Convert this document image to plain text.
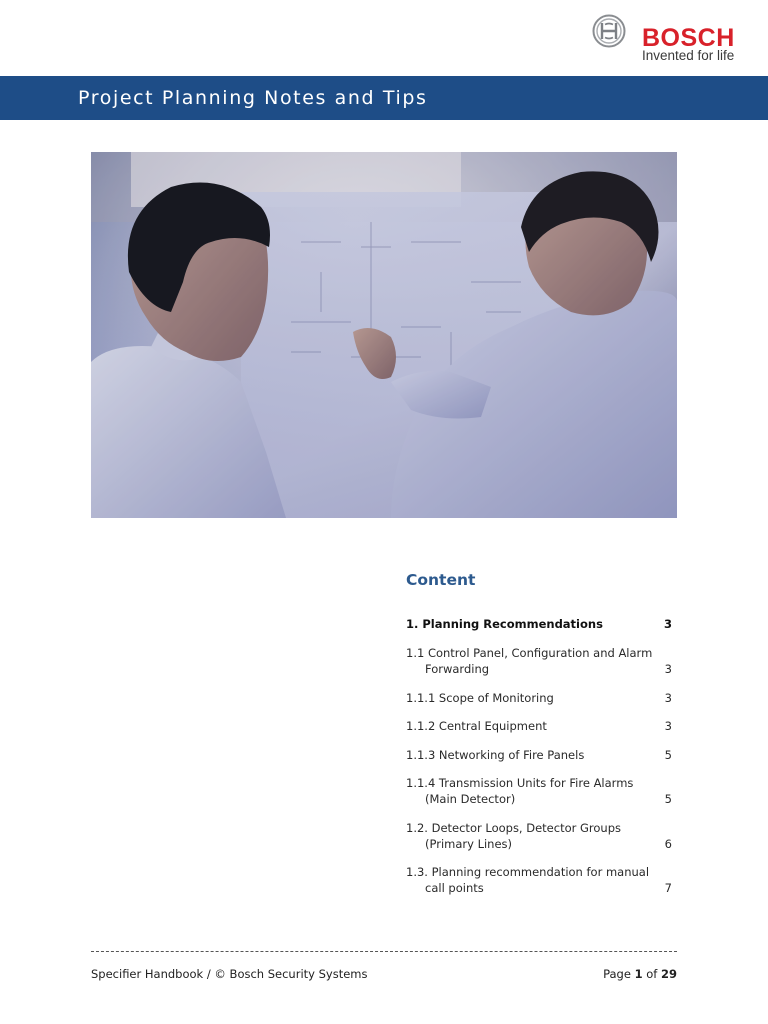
BOSCH
Invented for life
Project Planning Notes and Tips
Content
1. Planning Recommendations	3
1.1 Control Panel, Configuration and Alarm
Forwarding	3
1.1.1 Scope of Monitoring	3
1.1.2 Central Equipment	3
1.1.3 Networking of Fire Panels	5
1.1.4 Transmission Units for Fire Alarms
(Main Detector)	5
1.2. Detector Loops, Detector Groups
(Primary Lines)	6
1.3. Planning recommendation for manual
call points	7
Specifier Handbook / © Bosch Security Systems	Page 1 of 29
